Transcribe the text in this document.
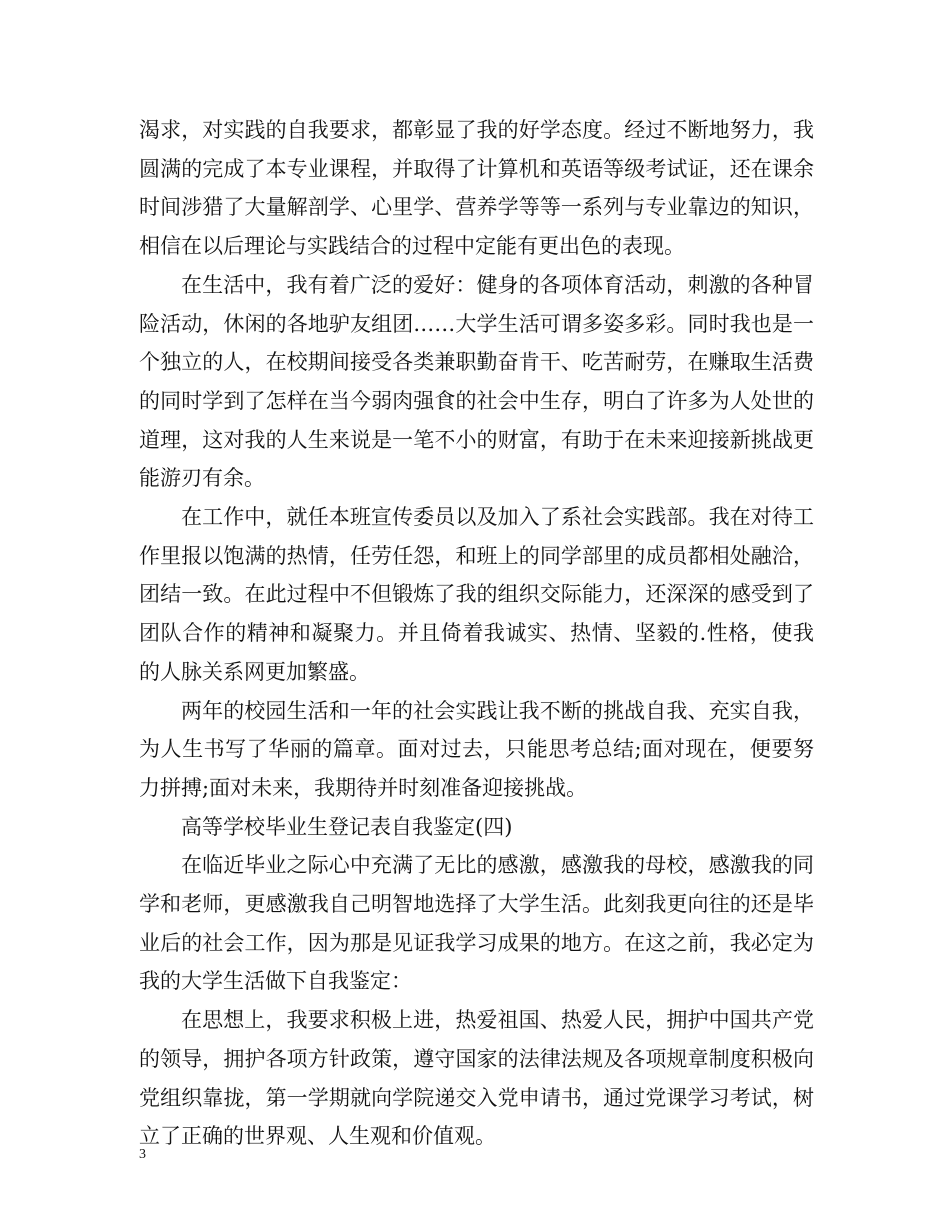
渴求，对实践的自我要求，都彰显了我的好学态度。经过不断地努力，我圆满的完成了本专业课程，并取得了计算机和英语等级考试证，还在课余时间涉猎了大量解剖学、心里学、营养学等等一系列与专业靠边的知识，相信在以后理论与实践结合的过程中定能有更出色的表现。

在生活中，我有着广泛的爱好：健身的各项体育活动，刺激的各种冒险活动，休闲的各地驴友组团……大学生活可谓多姿多彩。同时我也是一个独立的人，在校期间接受各类兼职勤奋肯干、吃苦耐劳，在赚取生活费的同时学到了怎样在当今弱肉强食的社会中生存，明白了许多为人处世的道理，这对我的人生来说是一笔不小的财富，有助于在未来迎接新挑战更能游刃有余。

在工作中，就任本班宣传委员以及加入了系社会实践部。我在对待工作里报以饱满的热情，任劳任怨，和班上的同学部里的成员都相处融洽，团结一致。在此过程中不但锻炼了我的组织交际能力，还深深的感受到了团队合作的精神和凝聚力。并且倚着我诚实、热情、坚毅的.性格，使我的人脉关系网更加繁盛。

两年的校园生活和一年的社会实践让我不断的挑战自我、充实自我，为人生书写了华丽的篇章。面对过去，只能思考总结;面对现在，便要努力拼搏;面对未来，我期待并时刻准备迎接挑战。

高等学校毕业生登记表自我鉴定(四)

在临近毕业之际心中充满了无比的感激，感激我的母校，感激我的同学和老师，更感激我自己明智地选择了大学生活。此刻我更向往的还是毕业后的社会工作，因为那是见证我学习成果的地方。在这之前，我必定为我的大学生活做下自我鉴定：

在思想上，我要求积极上进，热爱祖国、热爱人民，拥护中国共产党的领导，拥护各项方针政策，遵守国家的法律法规及各项规章制度积极向党组织靠拢，第一学期就向学院递交入党申请书，通过党课学习考试，树立了正确的世界观、人生观和价值观。

3
